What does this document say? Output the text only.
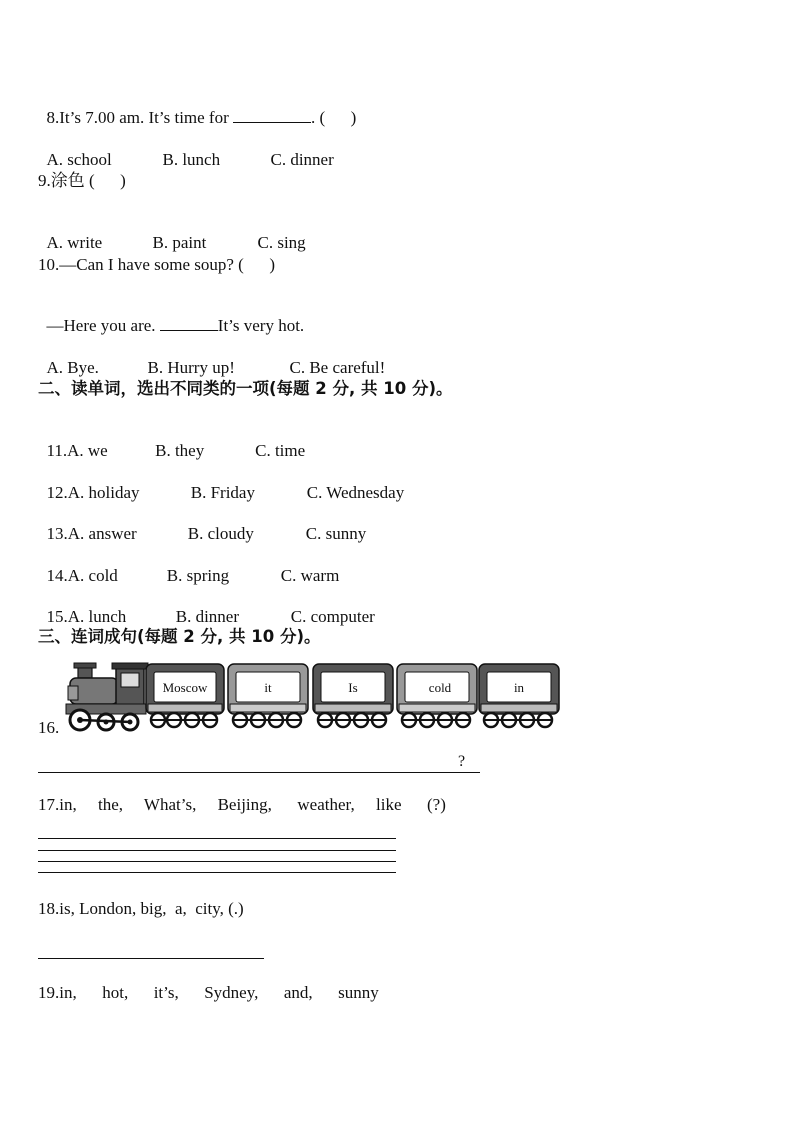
8.It’s 7.00 am. It’s time for	. (      )

A. school	B. lunch	C. dinner

9.涂色 (      )

A. write	B. paint	C. sing

10.—Can I have some soup? (      )

—Here you are.	It’s very hot.

A. Bye.	B. Hurry up!	C. Be careful!

二、读单词，选出不同类的一项(每题 2 分, 共 10 分)。

11.A. we	B. they	C. time

12.A. holiday	B. Friday	C. Wednesday

13.A. answer	B. cloudy	C. sunny

14.A. cold	B. spring	C. warm

15.A. lunch	B. dinner	C. computer

三、连词成句(每题 2 分, 共 10 分)。
16.
Moscow	it	Is	cold	in
?
17.in,     the,     What’s,     Beijing,      weather,     like      (?)
18.is, London, big,  a,  city, (.)
19.in,      hot,      it’s,      Sydney,      and,      sunny
